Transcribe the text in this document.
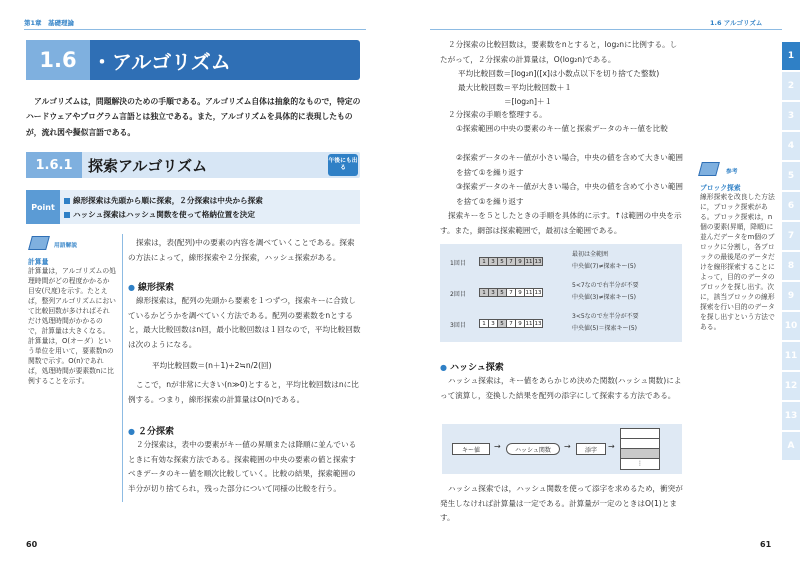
第1章　基礎理論	1.6 アルゴリズム
1.6 ・アルゴリズム
アルゴリズムは，問題解決のための手順である。アルゴリズム自体は抽象的なもので，特定のハードウェアやプログラム言語とは独立である。また，アルゴリズムを具体的に表現したものが，流れ図や擬似言語である。
1.6.1	探索アルゴリズム	午後にも出る
Point
線形探索は先頭から順に探索，２分探索は中央から探索
ハッシュ探索はハッシュ関数を使って格納位置を決定
用語解説
計算量
計算量は，アルゴリズムの処理時間がどの程度かかるか目安(尺度)を示す。たとえば，整列アルゴリズムにおいて比較回数が多ければそれだけ処理時間がかかるので，計算量は大きくなる。計算量は，O(オーダ）という単位を用いて，要素数nの関数で示す。O(n)であれば，処理時間が要素数nに比例することを示す。
探索は，表(配列)中の要素の内容を調べていくことである。探索の方法によって，線形探索や２分探索，ハッシュ探索がある。
● 線形探索
線形探索は，配列の先頭から要素を１つずつ，探索キーに合致しているかどうかを調べていく方法である。配列の要素数をnとすると，最大比較回数はn回，最小比較回数は１回なので，平均比較回数は次のようになる。
平均比較回数＝(n＋1)÷2≒n/2(回)
ここで，nが非常に大きい(n≫0)とすると，平均比較回数はnに比例する。つまり，線形探索の計算量はO(n)である。
● ２分探索
２分探索は，表中の要素がキー値の昇順または降順に並んでいるときに有効な探索方法である。探索範囲の中央の要素の値と探索すべきデータのキー値を順次比較していく。比較の結果，探索範囲の半分が切り捨てられ，残った部分について同様の比較を行う。
60
２分探索の比較回数は，要素数をnとすると，log₂nに比例する。したがって，２分探索の計算量は，O(log₂n)である。
平均比較回数＝[log₂n]([x]は小数点以下を切り捨てた整数)
最大比較回数＝平均比較回数＋１
＝[log₂n]＋１
２分探索の手順を整理する。
①探索範囲の中央の要素のキー値と探索データのキー値を比較
②探索データのキー値が小さい場合，中央の値を含めて大きい範囲を捨て①を繰り返す
③探索データのキー値が大きい場合，中央の値を含めて小さい範囲を捨て①を繰り返す
探索キーを５としたときの手順を具体的に示す。↑は範囲の中央を示す。また，網部は探索範囲で，最初は全範囲である。
1回目	1	3	5	7	9 11 13
最初は全範囲
中央値(7)≠探索キー(5)
2回目	1	3	5	7	9 11 13
5<7なので右半分が不要
中央値(3)≠探索キー(5)
3回目	1	3	5	7	9 11 13
3<5なので左半分が不要
中央値(5)＝探索キー(5)
● ハッシュ探索
ハッシュ探索は，キー値をあらかじめ決めた関数(ハッシュ関数)によって演算し，変換した結果を配列の添字にして探索する方法である。
キー値	→	ハッシュ関数	→	添字	→
⋮
ハッシュ探索では，ハッシュ関数を使って添字を求めるため，衝突が発生しなければ計算量は一定である。計算量が一定のときはO(1)とます。
参考
ブロック探索
線形探索を改良した方法に，ブロック探索がある。ブロック探索は，n個の要素(昇順，降順)に並んだデータをm個のブロックに分割し，各ブロックの最後尾のデータだけを線形探索することによって，目的のデータのブロックを探し出す。次に，該当ブロックの線形探索を行い目的のデータを探し出すという方法である。
1
2
3
4
5
6
7
8
9
10
11
12
13
A
61
